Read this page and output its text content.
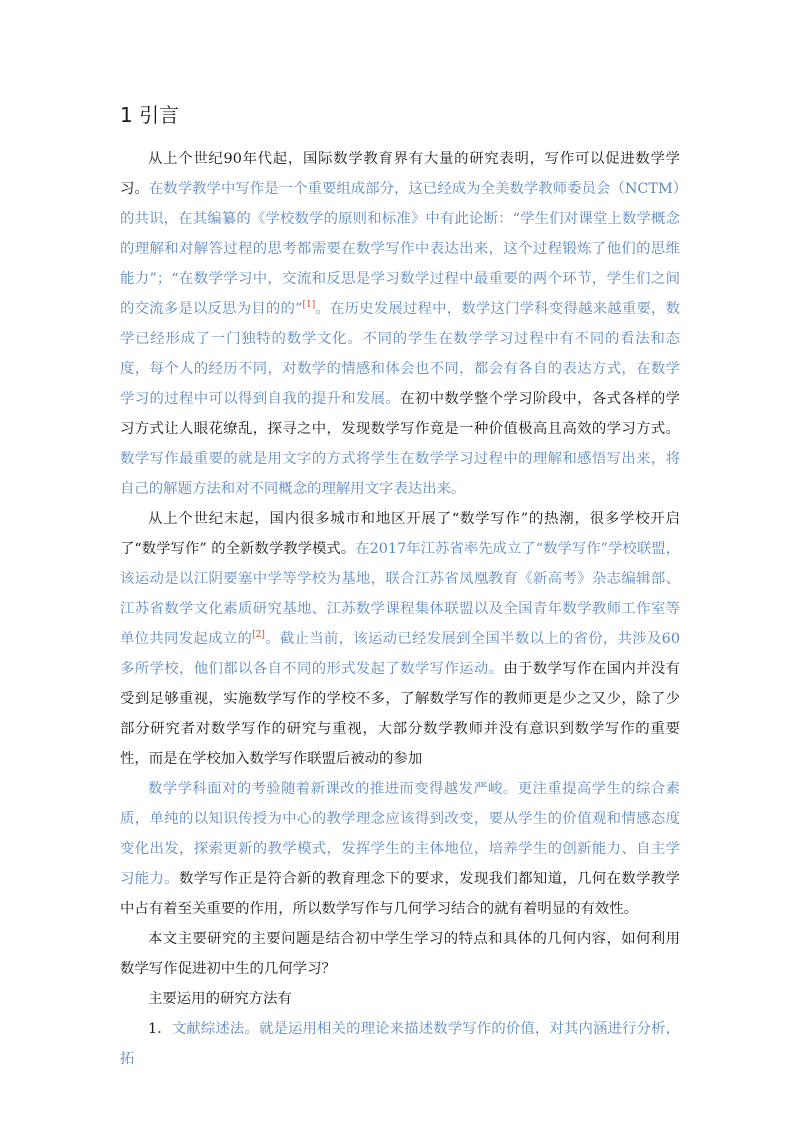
1 引言

从上个世纪90年代起，国际数学教育界有大量的研究表明，写作可以促进数学学习。在数学教学中写作是一个重要组成部分，这已经成为全美数学教师委员会（NCTM）的共识，在其编纂的《学校数学的原则和标准》中有此论断：“学生们对课堂上数学概念的理解和对解答过程的思考都需要在数学写作中表达出来，这个过程锻炼了他们的思维能力”；“在数学学习中，交流和反思是学习数学过程中最重要的两个环节，学生们之间的交流多是以反思为目的的”[1]。在历史发展过程中，数学这门学科变得越来越重要，数学已经形成了一门独特的数学文化。不同的学生在数学学习过程中有不同的看法和态度，每个人的经历不同，对数学的情感和体会也不同，都会有各自的表达方式，在数学学习的过程中可以得到自我的提升和发展。在初中数学整个学习阶段中，各式各样的学习方式让人眼花缭乱，探寻之中，发现数学写作竟是一种价值极高且高效的学习方式。数学写作最重要的就是用文字的方式将学生在数学学习过程中的理解和感悟写出来，将自己的解题方法和对不同概念的理解用文字表达出来。

从上个世纪末起，国内很多城市和地区开展了“数学写作”的热潮，很多学校开启了“数学写作” 的全新数学教学模式。在2017年江苏省率先成立了“数学写作”学校联盟，该运动是以江阴要塞中学等学校为基地，联合江苏省凤凰教育《新高考》杂志编辑部、江苏省数学文化素质研究基地、江苏数学课程集体联盟以及全国青年数学教师工作室等单位共同发起成立的[2]。截止当前，该运动已经发展到全国半数以上的省份，共涉及60多所学校，他们都以各自不同的形式发起了数学写作运动。由于数学写作在国内并没有受到足够重视，实施数学写作的学校不多，了解数学写作的教师更是少之又少，除了少部分研究者对数学写作的研究与重视，大部分数学教师并没有意识到数学写作的重要性，而是在学校加入数学写作联盟后被动的参加

数学学科面对的考验随着新课改的推进而变得越发严峻。更注重提高学生的综合素质，单纯的以知识传授为中心的教学理念应该得到改变，要从学生的价值观和情感态度变化出发，探索更新的教学模式，发挥学生的主体地位，培养学生的创新能力、自主学习能力。数学写作正是符合新的教育理念下的要求，发现我们都知道，几何在数学教学中占有着至关重要的作用，所以数学写作与几何学习结合的就有着明显的有效性。

本文主要研究的主要问题是结合初中学生学习的特点和具体的几何内容，如何利用数学写作促进初中生的几何学习？

主要运用的研究方法有

1．文献综述法。就是运用相关的理论来描述数学写作的价值，对其内涵进行分析，拓
